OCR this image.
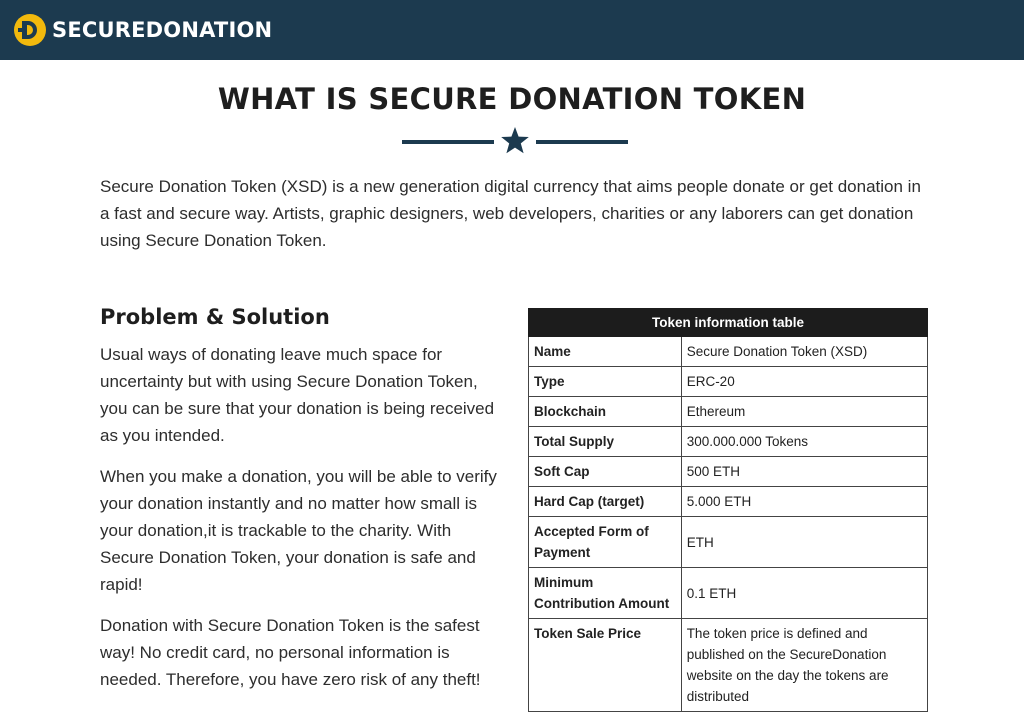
SECUREDONATION
WHAT IS SECURE DONATION TOKEN

Secure Donation Token (XSD) is a new generation digital currency that aims people donate or get donation in a fast and secure way. Artists, graphic designers, web developers, charities or any laborers can get donation using Secure Donation Token.

Problem & Solution

Usual ways of donating leave much space for uncertainty but with using Secure Donation Token, you can be sure that your donation is being received as you intended.

When you make a donation, you will be able to verify your donation instantly and no matter how small is your donation,it is trackable to the charity. With Secure Donation Token, your donation is safe and rapid!

Donation with Secure Donation Token is the safest way! No credit card, no personal information is needed. Therefore, you have zero risk of any theft!

Token information table	
Name	Secure Donation Token (XSD)
Type	ERC-20
Blockchain	Ethereum
Total Supply	300.000.000 Tokens
Soft Cap	500 ETH
Hard Cap (target)	5.000 ETH
Accepted Form of Payment	ETH
Minimum Contribution Amount	0.1 ETH
Token Sale Price	The token price is defined and published on the SecureDonation website on the day the tokens are distributed
